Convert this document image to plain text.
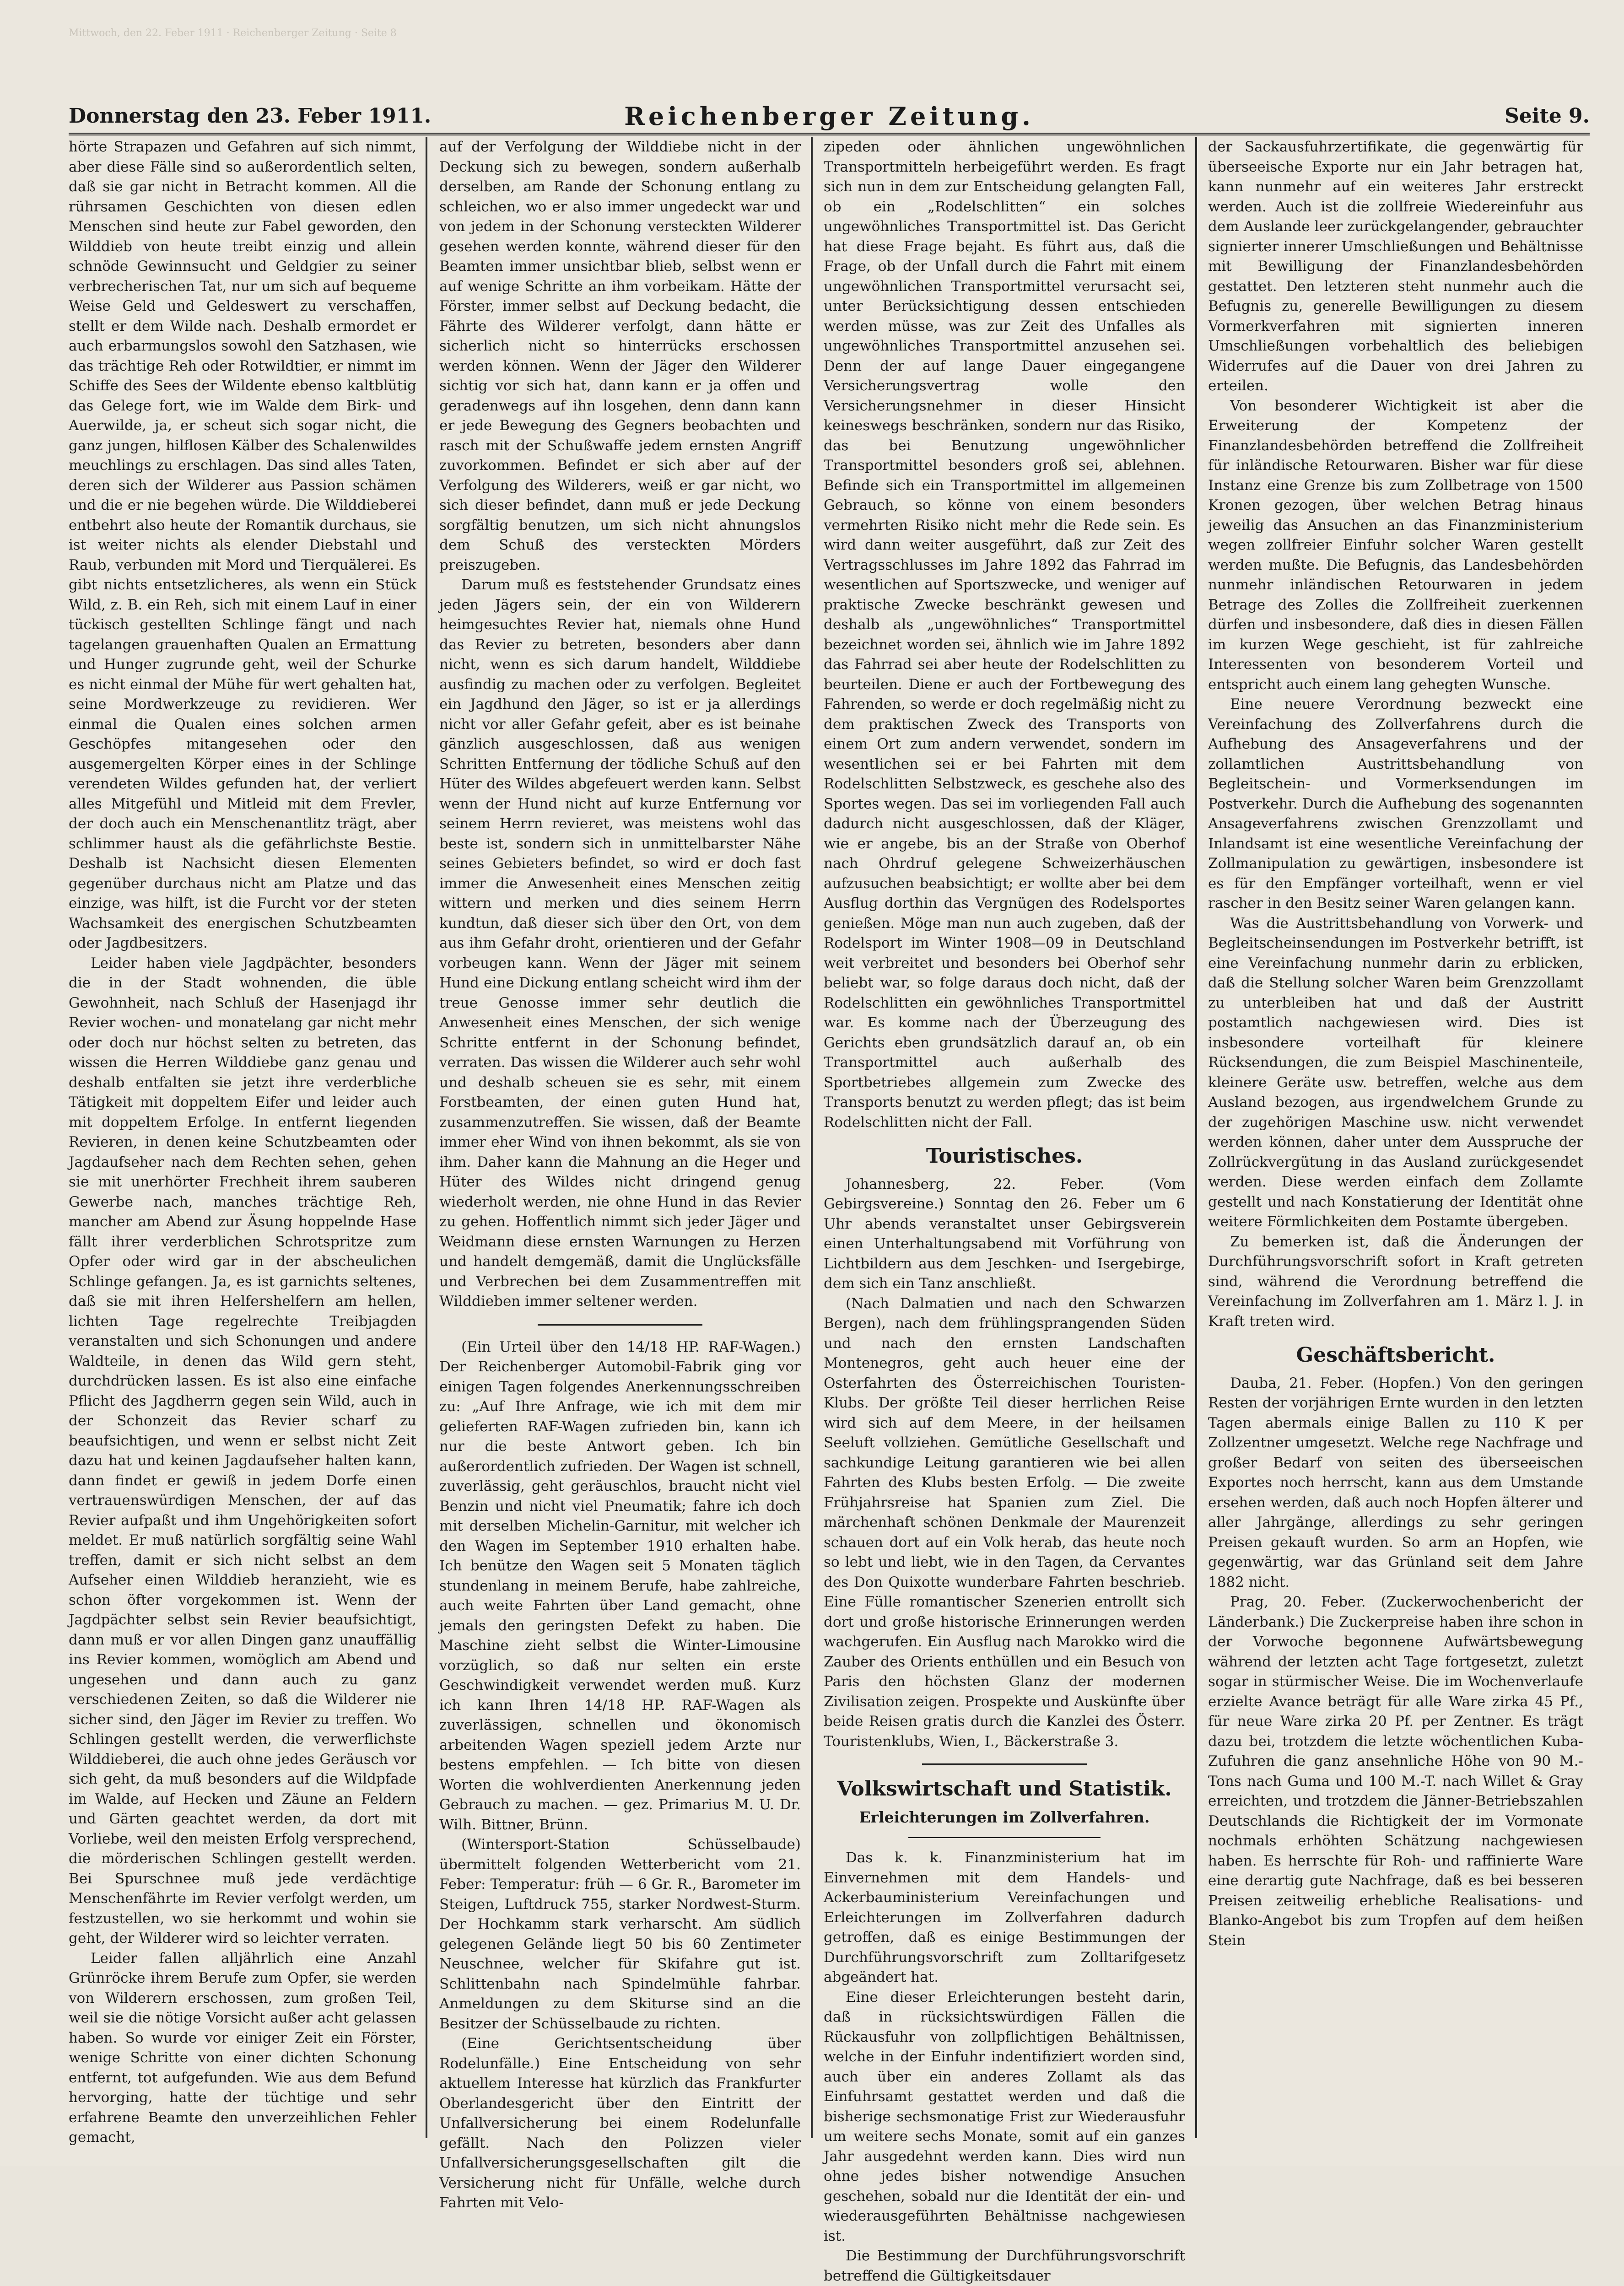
Mittwoch, den 22. Feber 1911 · Reichenberger Zeitung · Seite 8
Donnerstag den 23. Feber 1911.	Reichenberger Zeitung.	Seite 9.

hörte Strapazen und Gefahren auf sich nimmt, aber diese Fälle sind so außerordentlich selten, daß sie gar nicht in Betracht kommen. All die rührsamen Geschichten von diesen edlen Menschen sind heute zur Fabel geworden, den Wilddieb von heute treibt einzig und allein schnöde Gewinnsucht und Geldgier zu seiner verbrecherischen Tat, nur um sich auf bequeme Weise Geld und Geldeswert zu verschaffen, stellt er dem Wilde nach. Deshalb ermordet er auch erbarmungslos sowohl den Satzhasen, wie das trächtige Reh oder Rotwildtier, er nimmt im Schiffe des Sees der Wildente ebenso kaltblütig das Gelege fort, wie im Walde dem Birk- und Auerwilde, ja, er scheut sich sogar nicht, die ganz jungen, hilflosen Kälber des Schalenwildes meuchlings zu erschlagen. Das sind alles Taten, deren sich der Wilderer aus Passion schämen und die er nie begehen würde. Die Wilddieberei entbehrt also heute der Romantik durchaus, sie ist weiter nichts als elender Diebstahl und Raub, verbunden mit Mord und Tierquälerei. Es gibt nichts entsetzlicheres, als wenn ein Stück Wild, z. B. ein Reh, sich mit einem Lauf in einer tückisch gestellten Schlinge fängt und nach tagelangen grauenhaften Qualen an Ermattung und Hunger zugrunde geht, weil der Schurke es nicht einmal der Mühe für wert gehalten hat, seine Mordwerkzeuge zu revidieren. Wer einmal die Qualen eines solchen armen Geschöpfes mitangesehen oder den ausgemergelten Körper eines in der Schlinge verendeten Wildes gefunden hat, der verliert alles Mitgefühl und Mitleid mit dem Frevler, der doch auch ein Menschenantlitz trägt, aber schlimmer haust als die gefährlichste Bestie. Deshalb ist Nachsicht diesen Elementen gegenüber durchaus nicht am Platze und das einzige, was hilft, ist die Furcht vor der steten Wachsamkeit des energischen Schutzbeamten oder Jagdbesitzers.

Leider haben viele Jagdpächter, besonders die in der Stadt wohnenden, die üble Gewohnheit, nach Schluß der Hasenjagd ihr Revier wochen- und monatelang gar nicht mehr oder doch nur höchst selten zu betreten, das wissen die Herren Wilddiebe ganz genau und deshalb entfalten sie jetzt ihre verderbliche Tätigkeit mit doppeltem Eifer und leider auch mit doppeltem Erfolge. In entfernt liegenden Revieren, in denen keine Schutzbeamten oder Jagdaufseher nach dem Rechten sehen, gehen sie mit unerhörter Frechheit ihrem sauberen Gewerbe nach, manches trächtige Reh, mancher am Abend zur Äsung hoppelnde Hase fällt ihrer verderblichen Schrotspritze zum Opfer oder wird gar in der abscheulichen Schlinge gefangen. Ja, es ist garnichts seltenes, daß sie mit ihren Helfershelfern am hellen, lichten Tage regelrechte Treibjagden veranstalten und sich Schonungen und andere Waldteile, in denen das Wild gern steht, durchdrücken lassen. Es ist also eine einfache Pflicht des Jagdherrn gegen sein Wild, auch in der Schonzeit das Revier scharf zu beaufsichtigen, und wenn er selbst nicht Zeit dazu hat und keinen Jagdaufseher halten kann, dann findet er gewiß in jedem Dorfe einen vertrauenswürdigen Menschen, der auf das Revier aufpaßt und ihm Ungehörigkeiten sofort meldet. Er muß natürlich sorgfältig seine Wahl treffen, damit er sich nicht selbst an dem Aufseher einen Wilddieb heranzieht, wie es schon öfter vorgekommen ist. Wenn der Jagdpächter selbst sein Revier beaufsichtigt, dann muß er vor allen Dingen ganz unauffällig ins Revier kommen, womöglich am Abend und ungesehen und dann auch zu ganz verschiedenen Zeiten, so daß die Wilderer nie sicher sind, den Jäger im Revier zu treffen. Wo Schlingen gestellt werden, die verwerflichste Wilddieberei, die auch ohne jedes Geräusch vor sich geht, da muß besonders auf die Wildpfade im Walde, auf Hecken und Zäune an Feldern und Gärten geachtet werden, da dort mit Vorliebe, weil den meisten Erfolg versprechend, die mörderischen Schlingen gestellt werden. Bei Spurschnee muß jede verdächtige Menschenfährte im Revier verfolgt werden, um festzustellen, wo sie herkommt und wohin sie geht, der Wilderer wird so leichter verraten.

Leider fallen alljährlich eine Anzahl Grünröcke ihrem Berufe zum Opfer, sie werden von Wilderern erschossen, zum großen Teil, weil sie die nötige Vorsicht außer acht gelassen haben. So wurde vor einiger Zeit ein Förster, wenige Schritte von einer dichten Schonung entfernt, tot aufgefunden. Wie aus dem Befund hervorging, hatte der tüchtige und sehr erfahrene Beamte den unverzeihlichen Fehler gemacht,

auf der Verfolgung der Wilddiebe nicht in der Deckung sich zu bewegen, sondern außerhalb derselben, am Rande der Schonung entlang zu schleichen, wo er also immer ungedeckt war und von jedem in der Schonung versteckten Wilderer gesehen werden konnte, während dieser für den Beamten immer unsichtbar blieb, selbst wenn er auf wenige Schritte an ihm vorbeikam. Hätte der Förster, immer selbst auf Deckung bedacht, die Fährte des Wilderer verfolgt, dann hätte er sicherlich nicht so hinterrücks erschossen werden können. Wenn der Jäger den Wilderer sichtig vor sich hat, dann kann er ja offen und geradenwegs auf ihn losgehen, denn dann kann er jede Bewegung des Gegners beobachten und rasch mit der Schußwaffe jedem ernsten Angriff zuvorkommen. Befindet er sich aber auf der Verfolgung des Wilderers, weiß er gar nicht, wo sich dieser befindet, dann muß er jede Deckung sorgfältig benutzen, um sich nicht ahnungslos dem Schuß des versteckten Mörders preiszugeben.

Darum muß es feststehender Grundsatz eines jeden Jägers sein, der ein von Wilderern heimgesuchtes Revier hat, niemals ohne Hund das Revier zu betreten, besonders aber dann nicht, wenn es sich darum handelt, Wilddiebe ausfindig zu machen oder zu verfolgen. Begleitet ein Jagdhund den Jäger, so ist er ja allerdings nicht vor aller Gefahr gefeit, aber es ist beinahe gänzlich ausgeschlossen, daß aus wenigen Schritten Entfernung der tödliche Schuß auf den Hüter des Wildes abgefeuert werden kann. Selbst wenn der Hund nicht auf kurze Entfernung vor seinem Herrn revieret, was meistens wohl das beste ist, sondern sich in unmittelbarster Nähe seines Gebieters befindet, so wird er doch fast immer die Anwesenheit eines Menschen zeitig wittern und merken und dies seinem Herrn kundtun, daß dieser sich über den Ort, von dem aus ihm Gefahr droht, orientieren und der Gefahr vorbeugen kann. Wenn der Jäger mit seinem Hund eine Dickung entlang scheicht wird ihm der treue Genosse immer sehr deutlich die Anwesenheit eines Menschen, der sich wenige Schritte entfernt in der Schonung befindet, verraten. Das wissen die Wilderer auch sehr wohl und deshalb scheuen sie es sehr, mit einem Forstbeamten, der einen guten Hund hat, zusammenzutreffen. Sie wissen, daß der Beamte immer eher Wind von ihnen bekommt, als sie von ihm. Daher kann die Mahnung an die Heger und Hüter des Wildes nicht dringend genug wiederholt werden, nie ohne Hund in das Revier zu gehen. Hoffentlich nimmt sich jeder Jäger und Weidmann diese ernsten Warnungen zu Herzen und handelt demgemäß, damit die Unglücksfälle und Verbrechen bei dem Zusammentreffen mit Wilddieben immer seltener werden.

(Ein Urteil über den 14/18 HP. RAF-Wagen.) Der Reichenberger Automobil-Fabrik ging vor einigen Tagen folgendes Anerkennungsschreiben zu: „Auf Ihre Anfrage, wie ich mit dem mir gelieferten RAF-Wagen zufrieden bin, kann ich nur die beste Antwort geben. Ich bin außerordentlich zufrieden. Der Wagen ist schnell, zuverlässig, geht geräuschlos, braucht nicht viel Benzin und nicht viel Pneumatik; fahre ich doch mit derselben Michelin-Garnitur, mit welcher ich den Wagen im September 1910 erhalten habe. Ich benütze den Wagen seit 5 Monaten täglich stundenlang in meinem Berufe, habe zahlreiche, auch weite Fahrten über Land gemacht, ohne jemals den geringsten Defekt zu haben. Die Maschine zieht selbst die Winter-Limousine vorzüglich, so daß nur selten ein erste Geschwindigkeit verwendet werden muß. Kurz ich kann Ihren 14/18 HP. RAF-Wagen als zuverlässigen, schnellen und ökonomisch arbeitenden Wagen speziell jedem Arzte nur bestens empfehlen. — Ich bitte von diesen Worten die wohlverdienten Anerkennung jeden Gebrauch zu machen. — gez. Primarius M. U. Dr. Wilh. Bittner, Brünn.

(Wintersport-Station Schüsselbaude) übermittelt folgenden Wetterbericht vom 21. Feber: Temperatur: früh — 6 Gr. R., Barometer im Steigen, Luftdruck 755, starker Nordwest-Sturm. Der Hochkamm stark verharscht. Am südlich gelegenen Gelände liegt 50 bis 60 Zentimeter Neuschnee, welcher für Skifahre gut ist. Schlittenbahn nach Spindelmühle fahrbar. Anmeldungen zu dem Skiturse sind an die Besitzer der Schüsselbaude zu richten.

(Eine Gerichtsentscheidung über Rodelunfälle.) Eine Entscheidung von sehr aktuellem Interesse hat kürzlich das Frankfurter Oberlandesgericht über den Eintritt der Unfallversicherung bei einem Rodelunfalle gefällt. Nach den Polizzen vieler Unfallversicherungsgesellschaften gilt die Versicherung nicht für Unfälle, welche durch Fahrten mit Velo-

zipeden oder ähnlichen ungewöhnlichen Transportmitteln herbeigeführt werden. Es fragt sich nun in dem zur Entscheidung gelangten Fall, ob ein „Rodelschlitten“ ein solches ungewöhnliches Transportmittel ist. Das Gericht hat diese Frage bejaht. Es führt aus, daß die Frage, ob der Unfall durch die Fahrt mit einem ungewöhnlichen Transportmittel verursacht sei, unter Berücksichtigung dessen entschieden werden müsse, was zur Zeit des Unfalles als ungewöhnliches Transportmittel anzusehen sei. Denn der auf lange Dauer eingegangene Versicherungsvertrag wolle den Versicherungsnehmer in dieser Hinsicht keineswegs beschränken, sondern nur das Risiko, das bei Benutzung ungewöhnlicher Transportmittel besonders groß sei, ablehnen. Befinde sich ein Transportmittel im allgemeinen Gebrauch, so könne von einem besonders vermehrten Risiko nicht mehr die Rede sein. Es wird dann weiter ausgeführt, daß zur Zeit des Vertragsschlusses im Jahre 1892 das Fahrrad im wesentlichen auf Sportszwecke, und weniger auf praktische Zwecke beschränkt gewesen und deshalb als „ungewöhnliches“ Transportmittel bezeichnet worden sei, ähnlich wie im Jahre 1892 das Fahrrad sei aber heute der Rodelschlitten zu beurteilen. Diene er auch der Fortbewegung des Fahrenden, so werde er doch regelmäßig nicht zu dem praktischen Zweck des Transports von einem Ort zum andern verwendet, sondern im wesentlichen sei er bei Fahrten mit dem Rodelschlitten Selbstzweck, es geschehe also des Sportes wegen. Das sei im vorliegenden Fall auch dadurch nicht ausgeschlossen, daß der Kläger, wie er angebe, bis an der Straße von Oberhof nach Ohrdruf gelegene Schweizerhäuschen aufzusuchen beabsichtigt; er wollte aber bei dem Ausflug dorthin das Vergnügen des Rodelsportes genießen. Möge man nun auch zugeben, daß der Rodelsport im Winter 1908—09 in Deutschland weit verbreitet und besonders bei Oberhof sehr beliebt war, so folge daraus doch nicht, daß der Rodelschlitten ein gewöhnliches Transportmittel war. Es komme nach der Überzeugung des Gerichts eben grundsätzlich darauf an, ob ein Transportmittel auch außerhalb des Sportbetriebes allgemein zum Zwecke des Transports benutzt zu werden pflegt; das ist beim Rodelschlitten nicht der Fall.

Touristisches.

Johannesberg, 22. Feber. (Vom Gebirgsvereine.) Sonntag den 26. Feber um 6 Uhr abends veranstaltet unser Gebirgsverein einen Unterhaltungsabend mit Vorführung von Lichtbildern aus dem Jeschken- und Isergebirge, dem sich ein Tanz anschließt.

(Nach Dalmatien und nach den Schwarzen Bergen), nach dem frühlingsprangenden Süden und nach den ernsten Landschaften Montenegros, geht auch heuer eine der Osterfahrten des Österreichischen Touristen-Klubs. Der größte Teil dieser herrlichen Reise wird sich auf dem Meere, in der heilsamen Seeluft vollziehen. Gemütliche Gesellschaft und sachkundige Leitung garantieren wie bei allen Fahrten des Klubs besten Erfolg. — Die zweite Frühjahrsreise hat Spanien zum Ziel. Die märchenhaft schönen Denkmale der Maurenzeit schauen dort auf ein Volk herab, das heute noch so lebt und liebt, wie in den Tagen, da Cervantes des Don Quixotte wunderbare Fahrten beschrieb. Eine Fülle romantischer Szenerien entrollt sich dort und große historische Erinnerungen werden wachgerufen. Ein Ausflug nach Marokko wird die Zauber des Orients enthüllen und ein Besuch von Paris den höchsten Glanz der modernen Zivilisation zeigen. Prospekte und Auskünfte über beide Reisen gratis durch die Kanzlei des Österr. Touristenklubs, Wien, I., Bäckerstraße 3.

Volkswirtschaft und Statistik.
Erleichterungen im Zollverfahren.

Das k. k. Finanzministerium hat im Einvernehmen mit dem Handels- und Ackerbauministerium Vereinfachungen und Erleichterungen im Zollverfahren dadurch getroffen, daß es einige Bestimmungen der Durchführungsvorschrift zum Zolltarifgesetz abgeändert hat.

Eine dieser Erleichterungen besteht darin, daß in rücksichtswürdigen Fällen die Rückausfuhr von zollpflichtigen Behältnissen, welche in der Einfuhr indentifiziert worden sind, auch über ein anderes Zollamt als das Einfuhrsamt gestattet werden und daß die bisherige sechsmonatige Frist zur Wiederausfuhr um weitere sechs Monate, somit auf ein ganzes Jahr ausgedehnt werden kann. Dies wird nun ohne jedes bisher notwendige Ansuchen geschehen, sobald nur die Identität der ein- und wiederausgeführten Behältnisse nachgewiesen ist.

Die Bestimmung der Durchführungsvorschrift betreffend die Gültigkeitsdauer

der Sackausfuhrzertifikate, die gegenwärtig für überseeische Exporte nur ein Jahr betragen hat, kann nunmehr auf ein weiteres Jahr erstreckt werden. Auch ist die zollfreie Wiedereinfuhr aus dem Auslande leer zurückgelangender, gebrauchter signierter innerer Umschließungen und Behältnisse mit Bewilligung der Finanzlandesbehörden gestattet. Den letzteren steht nunmehr auch die Befugnis zu, generelle Bewilligungen zu diesem Vormerkverfahren mit signierten inneren Umschließungen vorbehaltlich des beliebigen Widerrufes auf die Dauer von drei Jahren zu erteilen.

Von besonderer Wichtigkeit ist aber die Erweiterung der Kompetenz der Finanzlandesbehörden betreffend die Zollfreiheit für inländische Retourwaren. Bisher war für diese Instanz eine Grenze bis zum Zollbetrage von 1500 Kronen gezogen, über welchen Betrag hinaus jeweilig das Ansuchen an das Finanzministerium wegen zollfreier Einfuhr solcher Waren gestellt werden mußte. Die Befugnis, das Landesbehörden nunmehr inländischen Retourwaren in jedem Betrage des Zolles die Zollfreiheit zuerkennen dürfen und insbesondere, daß dies in diesen Fällen im kurzen Wege geschieht, ist für zahlreiche Interessenten von besonderem Vorteil und entspricht auch einem lang gehegten Wunsche.

Eine neuere Verordnung bezweckt eine Vereinfachung des Zollverfahrens durch die Aufhebung des Ansageverfahrens und der zollamtlichen Austrittsbehandlung von Begleitschein- und Vormerksendungen im Postverkehr. Durch die Aufhebung des sogenannten Ansageverfahrens zwischen Grenzzollamt und Inlandsamt ist eine wesentliche Vereinfachung der Zollmanipulation zu gewärtigen, insbesondere ist es für den Empfänger vorteilhaft, wenn er viel rascher in den Besitz seiner Waren gelangen kann.

Was die Austrittsbehandlung von Vorwerk- und Begleitscheinsendungen im Postverkehr betrifft, ist eine Vereinfachung nunmehr darin zu erblicken, daß die Stellung solcher Waren beim Grenzzollamt zu unterbleiben hat und daß der Austritt postamtlich nachgewiesen wird. Dies ist insbesondere vorteilhaft für kleinere Rücksendungen, die zum Beispiel Maschinenteile, kleinere Geräte usw. betreffen, welche aus dem Ausland bezogen, aus irgendwelchem Grunde zu der zugehörigen Maschine usw. nicht verwendet werden können, daher unter dem Ausspruche der Zollrückvergütung in das Ausland zurückgesendet werden. Diese werden einfach dem Zollamte gestellt und nach Konstatierung der Identität ohne weitere Förmlichkeiten dem Postamte übergeben.

Zu bemerken ist, daß die Änderungen der Durchführungsvorschrift sofort in Kraft getreten sind, während die Verordnung betreffend die Vereinfachung im Zollverfahren am 1. März l. J. in Kraft treten wird.

Geschäftsbericht.

Dauba, 21. Feber. (Hopfen.) Von den geringen Resten der vorjährigen Ernte wurden in den letzten Tagen abermals einige Ballen zu 110 K per Zollzentner umgesetzt. Welche rege Nachfrage und großer Bedarf von seiten des überseeischen Exportes noch herrscht, kann aus dem Umstande ersehen werden, daß auch noch Hopfen älterer und aller Jahrgänge, allerdings zu sehr geringen Preisen gekauft wurden. So arm an Hopfen, wie gegenwärtig, war das Grünland seit dem Jahre 1882 nicht.

Prag, 20. Feber. (Zuckerwochenbericht der Länderbank.) Die Zuckerpreise haben ihre schon in der Vorwoche begonnene Aufwärtsbewegung während der letzten acht Tage fortgesetzt, zuletzt sogar in stürmischer Weise. Die im Wochenverlaufe erzielte Avance beträgt für alle Ware zirka 45 Pf., für neue Ware zirka 20 Pf. per Zentner. Es trägt dazu bei, trotzdem die letzte wöchentlichen Kuba-Zufuhren die ganz ansehnliche Höhe von 90 M.-Tons nach Guma und 100 M.-T. nach Willet & Gray erreichten, und trotzdem die Jänner-Betriebszahlen Deutschlands die Richtigkeit der im Vormonate nochmals erhöhten Schätzung nachgewiesen haben. Es herrschte für Roh- und raffinierte Ware eine derartig gute Nachfrage, daß es bei besseren Preisen zeitweilig erhebliche Realisations- und Blanko-Angebot bis zum Tropfen auf dem heißen Stein
